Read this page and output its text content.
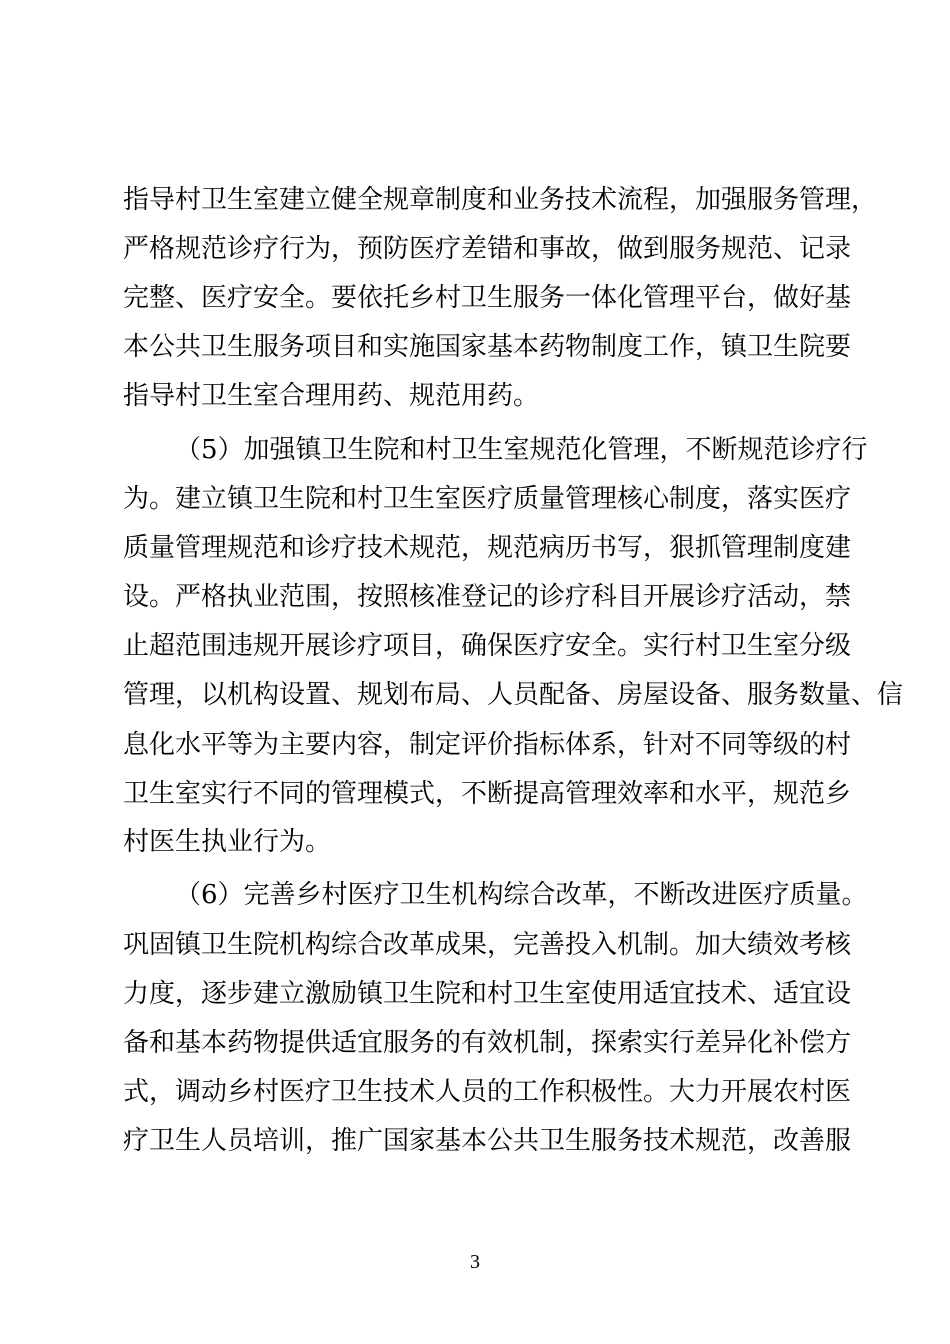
指导村卫生室建立健全规章制度和业务技术流程，加强服务管理，
严格规范诊疗行为，预防医疗差错和事故，做到服务规范、记录
完整、医疗安全。要依托乡村卫生服务一体化管理平台，做好基
本公共卫生服务项目和实施国家基本药物制度工作，镇卫生院要
指导村卫生室合理用药、规范用药。
（5）加强镇卫生院和村卫生室规范化管理，不断规范诊疗行
为。建立镇卫生院和村卫生室医疗质量管理核心制度，落实医疗
质量管理规范和诊疗技术规范，规范病历书写，狠抓管理制度建
设。严格执业范围，按照核准登记的诊疗科目开展诊疗活动，禁
止超范围违规开展诊疗项目，确保医疗安全。实行村卫生室分级
管理，以机构设置、规划布局、人员配备、房屋设备、服务数量、信
息化水平等为主要内容，制定评价指标体系，针对不同等级的村
卫生室实行不同的管理模式，不断提高管理效率和水平，规范乡
村医生执业行为。
（6）完善乡村医疗卫生机构综合改革，不断改进医疗质量。
巩固镇卫生院机构综合改革成果，完善投入机制。加大绩效考核
力度，逐步建立激励镇卫生院和村卫生室使用适宜技术、适宜设
备和基本药物提供适宜服务的有效机制，探索实行差异化补偿方
式，调动乡村医疗卫生技术人员的工作积极性。大力开展农村医
疗卫生人员培训，推广国家基本公共卫生服务技术规范，改善服
3
